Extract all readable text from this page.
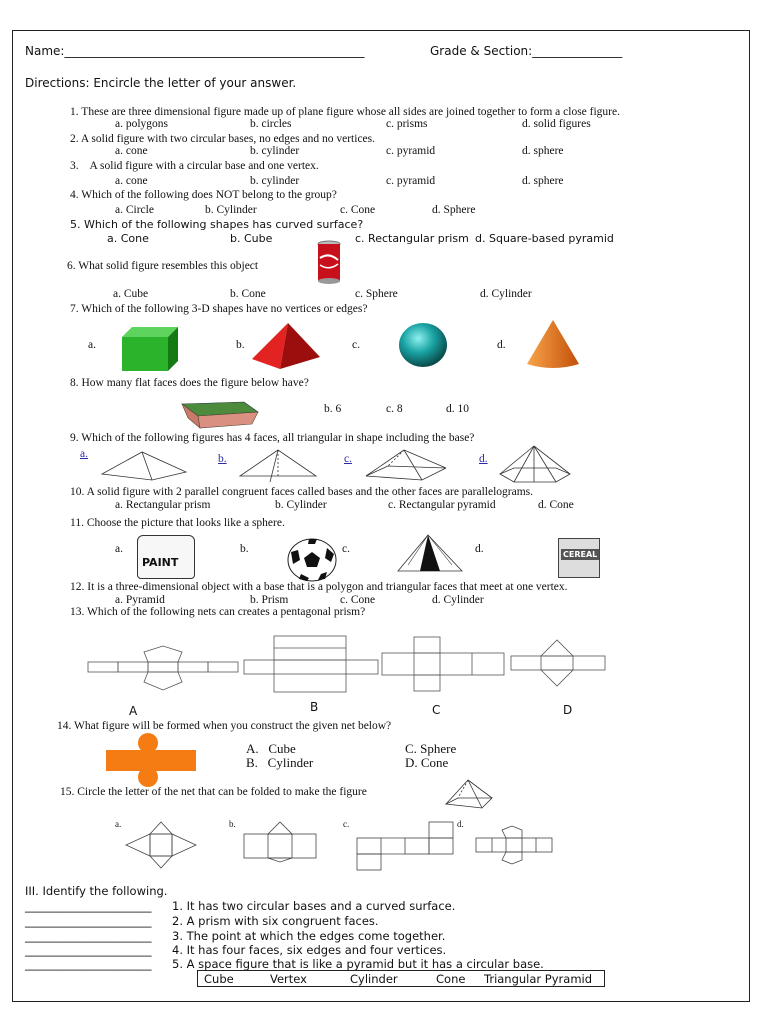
Name:__________________________________________________	Grade & Section:_______________
Directions: Encircle the letter of your answer.
1. These are three dimensional figure made up of plane figure whose all sides are joined together to form a close figure.
a. polygons	b. circles	c. prisms	d. solid figures
2. A solid figure with two circular bases, no edges and no vertices.
a. cone	b. cylinder	c. pyramid	d. sphere
3.    A solid figure with a circular base and one vertex.
a. cone	b. cylinder	c. pyramid	d. sphere
4. Which of the following does NOT belong to the group?
a. Circle	b. Cylinder	c. Cone	d. Sphere
5. Which of the following shapes has curved surface?
a. Cone	b. Cube	c. Rectangular prism d. Square-based pyramid
6. What solid figure resembles this object
a. Cube	b. Cone	c. Sphere	d. Cylinder
7. Which of the following 3-D shapes have no vertices or edges?
a.	b.	c.	d.
8. How many flat faces does the figure below have?
b. 6	c. 8	d. 10
9. Which of the following figures has 4 faces, all triangular in shape including the base?
a.	b.	c.	d.
10. A solid figure with 2 parallel congruent faces called bases and the other faces are parallelograms.
a. Rectangular prism	b. Cylinder	c. Rectangular pyramid	d. Cone
11. Choose the picture that looks like a sphere.
a.
PAINT
b.	c.	d.	CEREAL
12. It is a three-dimensional object with a base that is a polygon and triangular faces that meet at one vertex.
a. Pyramid	b. Prism	c. Cone	d. Cylinder
13. Which of the following nets can creates a pentagonal prism?
A	B	C	D
14. What figure will be formed when you construct the given net below?
A.   Cube
B.   Cylinder
C. Sphere
D. Cone
15. Circle the letter of the net that can be folded to make the figure
a.	b.	c.	d.
III. Identify the following.
______________________ 1. It has two circular bases and a curved surface.
______________________ 2. A prism with six congruent faces.
______________________ 3. The point at which the edges come together.
______________________ 4. It has four faces, six edges and four vertices.
______________________ 5. A space figure that is like a pyramid but it has a circular base.
Cube	Vertex	Cylinder	Cone Triangular Pyramid
